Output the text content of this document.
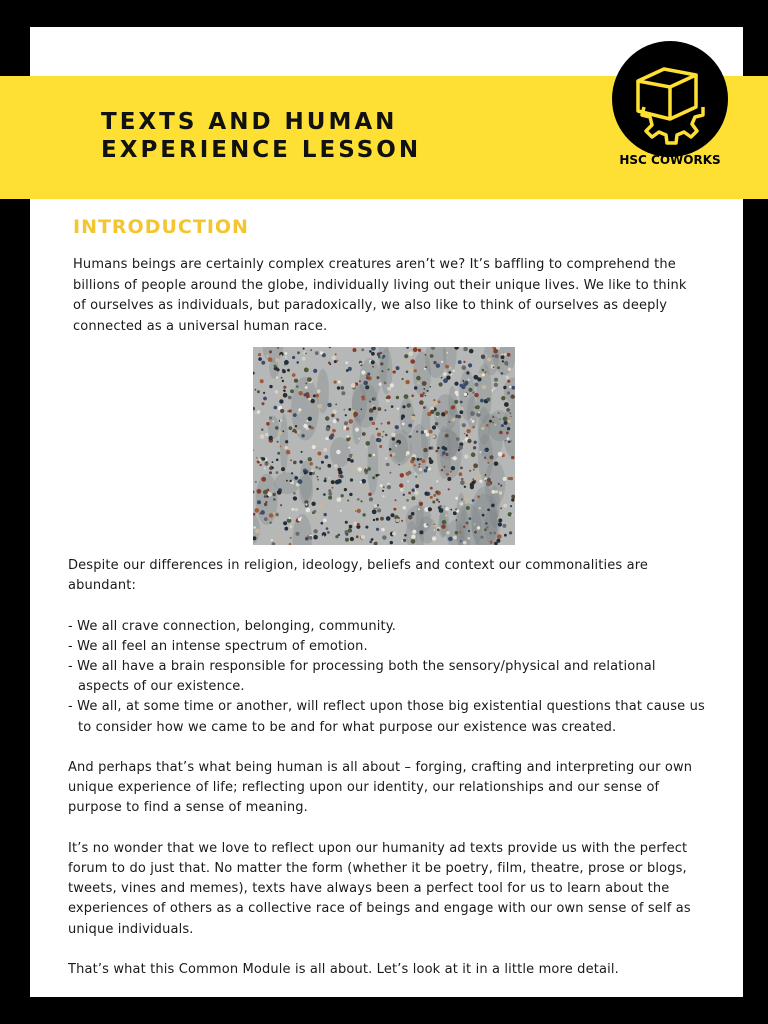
TEXTS AND HUMAN
EXPERIENCE LESSON	HSC COWORKS
INTRODUCTION

Humans beings are certainly complex creatures aren’t we? It’s baffling to comprehend the billions of people around the globe, individually living out their unique lives. We like to think of ourselves as individuals, but paradoxically, we also like to think of ourselves as deeply connected as a universal human race.

Despite our differences in religion, ideology, beliefs and context our commonalities are abundant:

- We all crave connection, belonging, community.
- We all feel an intense spectrum of emotion.
- We all have a brain responsible for processing both the sensory/physical and relational aspects of our existence.
- We all, at some time or another, will reflect upon those big existential questions that cause us to consider how we came to be and for what purpose our existence was created.

And perhaps that’s what being human is all about – forging, crafting and interpreting our own unique experience of life; reflecting upon our identity, our relationships and our sense of purpose to find a sense of meaning.

It’s no wonder that we love to reflect upon our humanity ad texts provide us with the perfect forum to do just that. No matter the form (whether it be poetry, film, theatre, prose or blogs, tweets, vines and memes), texts have always been a perfect tool for us to learn about the experiences of others as a collective race of beings and engage with our own sense of self as unique individuals.

That’s what this Common Module is all about. Let’s look at it in a little more detail.
